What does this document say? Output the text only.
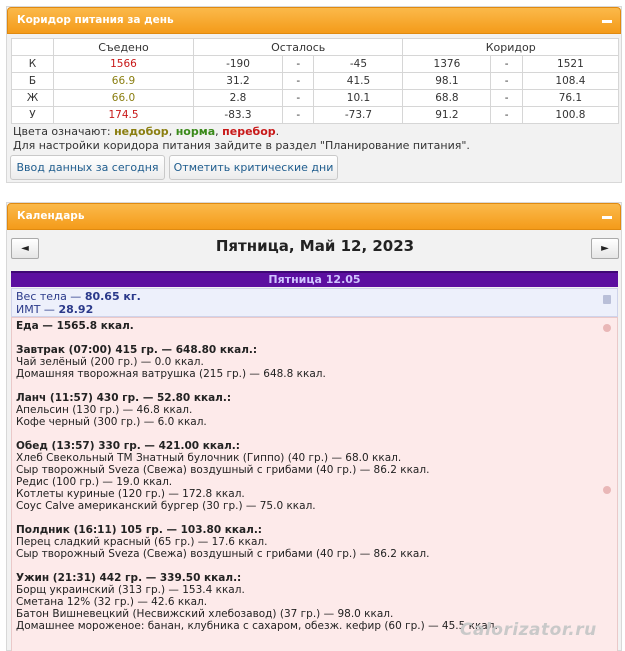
Коридор питания за день
	Съедено	Осталось			Коридор		
К	1566	-190	-	-45	1376	-	1521
Б	66.9	31.2	-	41.5	98.1	-	108.4
Ж	66.0	2.8	-	10.1	68.8	-	76.1
У	174.5	-83.3	-	-73.7	91.2	-	100.8
Цвета означают: недобор, норма, перебор.
Для настройки коридора питания зайдите в раздел "Планирование питания".
Ввод данных за сегодня	Отметить критические дни
Календарь
◄	Пятница, Май 12, 2023	►
Пятница 12.05
Вес тела — 80.65 кг.
ИМТ — 28.92
Еда — 1565.8 ккал.
Завтрак (07:00) 415 гр. — 648.80 ккал.:
Чай зелёный (200 гр.) — 0.0 ккал.
Домашняя творожная ватрушка (215 гр.) — 648.8 ккал.
Ланч (11:57) 430 гр. — 52.80 ккал.:
Апельсин (130 гр.) — 46.8 ккал.
Кофе черный (300 гр.) — 6.0 ккал.
Обед (13:57) 330 гр. — 421.00 ккал.:
Хлеб Свекольный ТМ Знатный булочник (Гиппо) (40 гр.) — 68.0 ккал.
Сыр творожный Sveza (Свежа) воздушный с грибами (40 гр.) — 86.2 ккал.
Редис (100 гр.) — 19.0 ккал.
Котлеты куриные (120 гр.) — 172.8 ккал.
Соус Calve американский бургер (30 гр.) — 75.0 ккал.
Полдник (16:11) 105 гр. — 103.80 ккал.:
Перец сладкий красный (65 гр.) — 17.6 ккал.
Сыр творожный Sveza (Свежа) воздушный с грибами (40 гр.) — 86.2 ккал.
Ужин (21:31) 442 гр. — 339.50 ккал.:
Борщ украинский (313 гр.) — 153.4 ккал.
Сметана 12% (32 гр.) — 42.6 ккал.
Батон Вишневецкий (Несвижский хлебозавод) (37 гр.) — 98.0 ккал.
Домашнее мороженое: банан, клубника с сахаром, обезж. кефир (60 гр.) — 45.5 ккал.
Calorizator.ru
